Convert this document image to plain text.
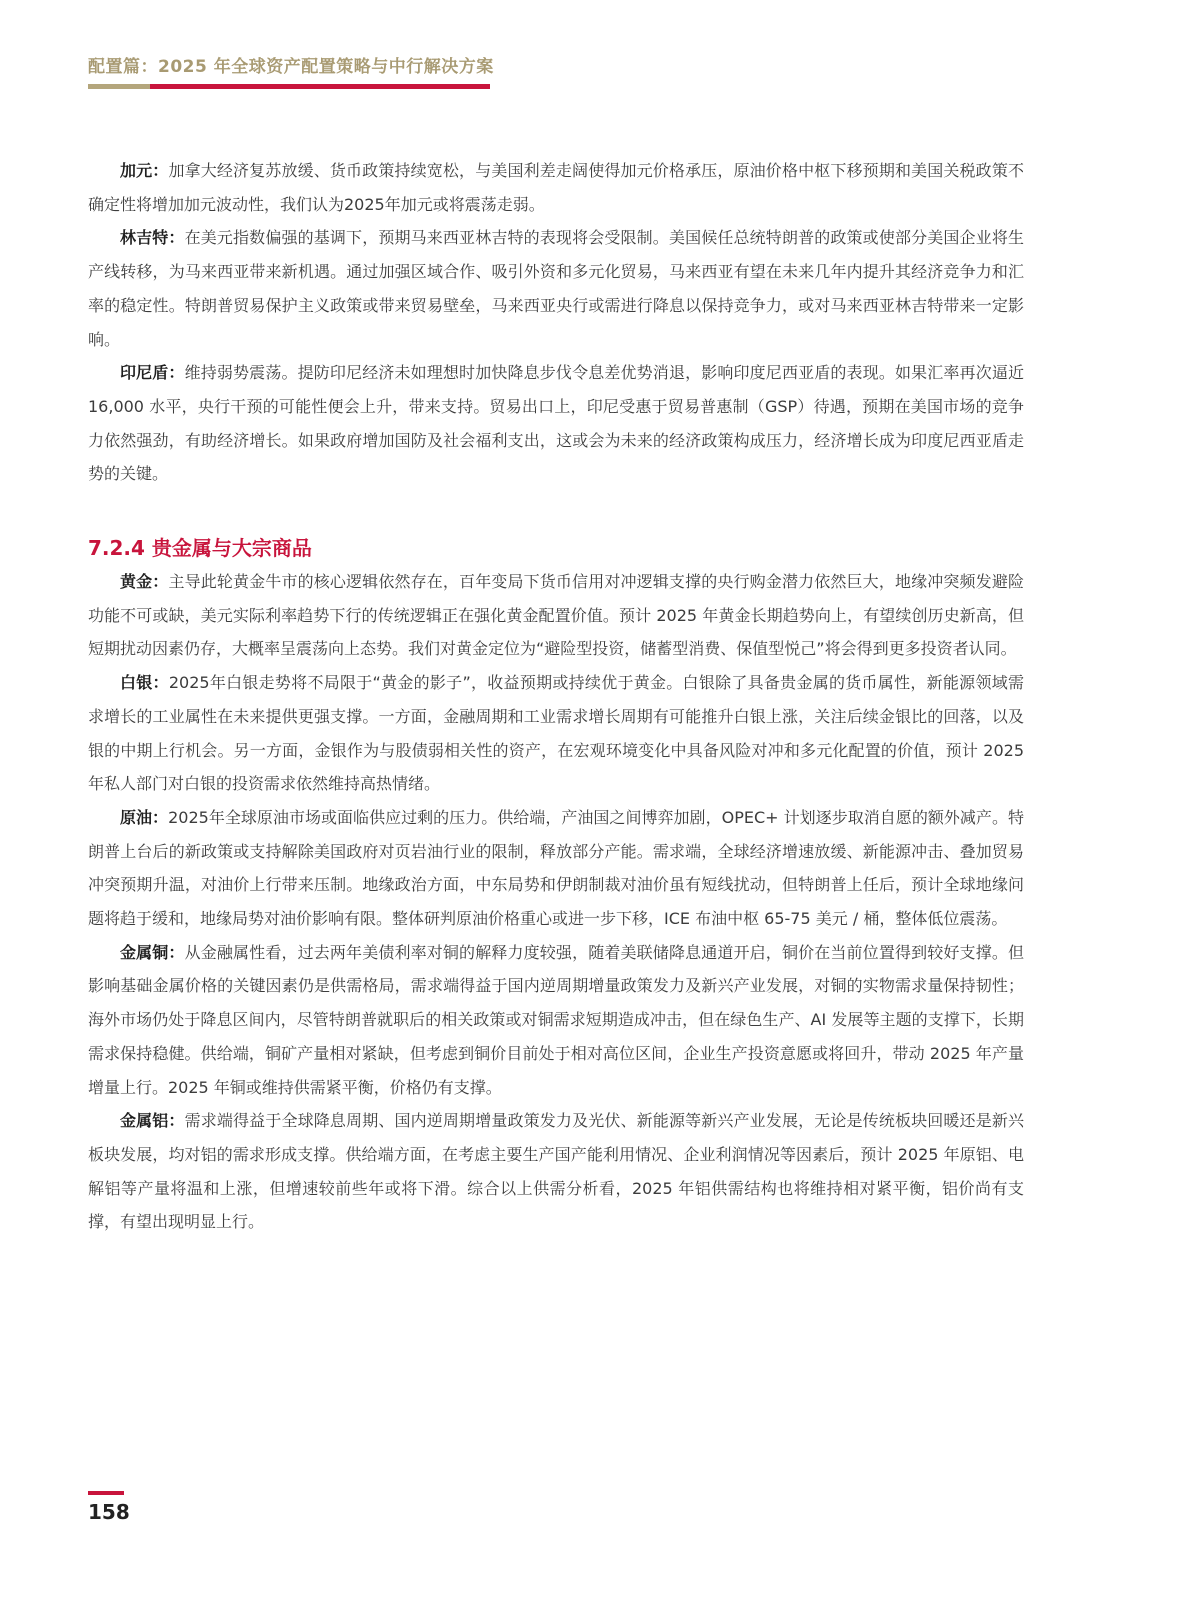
配置篇：2025 年全球资产配置策略与中行解决方案

加元：加拿大经济复苏放缓、货币政策持续宽松，与美国利差走阔使得加元价格承压，原油价格中枢下移预期和美国关税政策不确定性将增加加元波动性，我们认为2025年加元或将震荡走弱。

林吉特：在美元指数偏强的基调下，预期马来西亚林吉特的表现将会受限制。美国候任总统特朗普的政策或使部分美国企业将生产线转移，为马来西亚带来新机遇。通过加强区域合作、吸引外资和多元化贸易，马来西亚有望在未来几年内提升其经济竞争力和汇率的稳定性。特朗普贸易保护主义政策或带来贸易壁垒，马来西亚央行或需进行降息以保持竞争力，或对马来西亚林吉特带来一定影响。

印尼盾：维持弱势震荡。提防印尼经济未如理想时加快降息步伐令息差优势消退，影响印度尼西亚盾的表现。如果汇率再次逼近 16,000 水平，央行干预的可能性便会上升，带来支持。贸易出口上，印尼受惠于贸易普惠制（GSP）待遇，预期在美国市场的竞争力依然强劲，有助经济增长。如果政府增加国防及社会福利支出，这或会为未来的经济政策构成压力，经济增长成为印度尼西亚盾走势的关键。

7.2.4 贵金属与大宗商品

黄金：主导此轮黄金牛市的核心逻辑依然存在，百年变局下货币信用对冲逻辑支撑的央行购金潜力依然巨大，地缘冲突频发避险功能不可或缺，美元实际利率趋势下行的传统逻辑正在强化黄金配置价值。预计 2025 年黄金长期趋势向上，有望续创历史新高，但短期扰动因素仍存，大概率呈震荡向上态势。我们对黄金定位为“避险型投资，储蓄型消费、保值型悦己”将会得到更多投资者认同。

白银：2025年白银走势将不局限于“黄金的影子”，收益预期或持续优于黄金。白银除了具备贵金属的货币属性，新能源领域需求增长的工业属性在未来提供更强支撑。一方面，金融周期和工业需求增长周期有可能推升白银上涨，关注后续金银比的回落，以及银的中期上行机会。另一方面，金银作为与股债弱相关性的资产，在宏观环境变化中具备风险对冲和多元化配置的价值，预计 2025 年私人部门对白银的投资需求依然维持高热情绪。

原油：2025年全球原油市场或面临供应过剩的压力。供给端，产油国之间博弈加剧，OPEC+ 计划逐步取消自愿的额外减产。特朗普上台后的新政策或支持解除美国政府对页岩油行业的限制，释放部分产能。需求端，全球经济增速放缓、新能源冲击、叠加贸易冲突预期升温，对油价上行带来压制。地缘政治方面，中东局势和伊朗制裁对油价虽有短线扰动，但特朗普上任后，预计全球地缘问题将趋于缓和，地缘局势对油价影响有限。整体研判原油价格重心或进一步下移，ICE 布油中枢 65-75 美元 / 桶，整体低位震荡。

金属铜：从金融属性看，过去两年美债利率对铜的解释力度较强，随着美联储降息通道开启，铜价在当前位置得到较好支撑。但影响基础金属价格的关键因素仍是供需格局，需求端得益于国内逆周期增量政策发力及新兴产业发展，对铜的实物需求量保持韧性；海外市场仍处于降息区间内，尽管特朗普就职后的相关政策或对铜需求短期造成冲击，但在绿色生产、AI 发展等主题的支撑下，长期需求保持稳健。供给端，铜矿产量相对紧缺，但考虑到铜价目前处于相对高位区间，企业生产投资意愿或将回升，带动 2025 年产量增量上行。2025 年铜或维持供需紧平衡，价格仍有支撑。

金属铝：需求端得益于全球降息周期、国内逆周期增量政策发力及光伏、新能源等新兴产业发展，无论是传统板块回暖还是新兴板块发展，均对铝的需求形成支撑。供给端方面，在考虑主要生产国产能利用情况、企业利润情况等因素后，预计 2025 年原铝、电解铝等产量将温和上涨，但增速较前些年或将下滑。综合以上供需分析看，2025 年铝供需结构也将维持相对紧平衡，铝价尚有支撑，有望出现明显上行。

158
